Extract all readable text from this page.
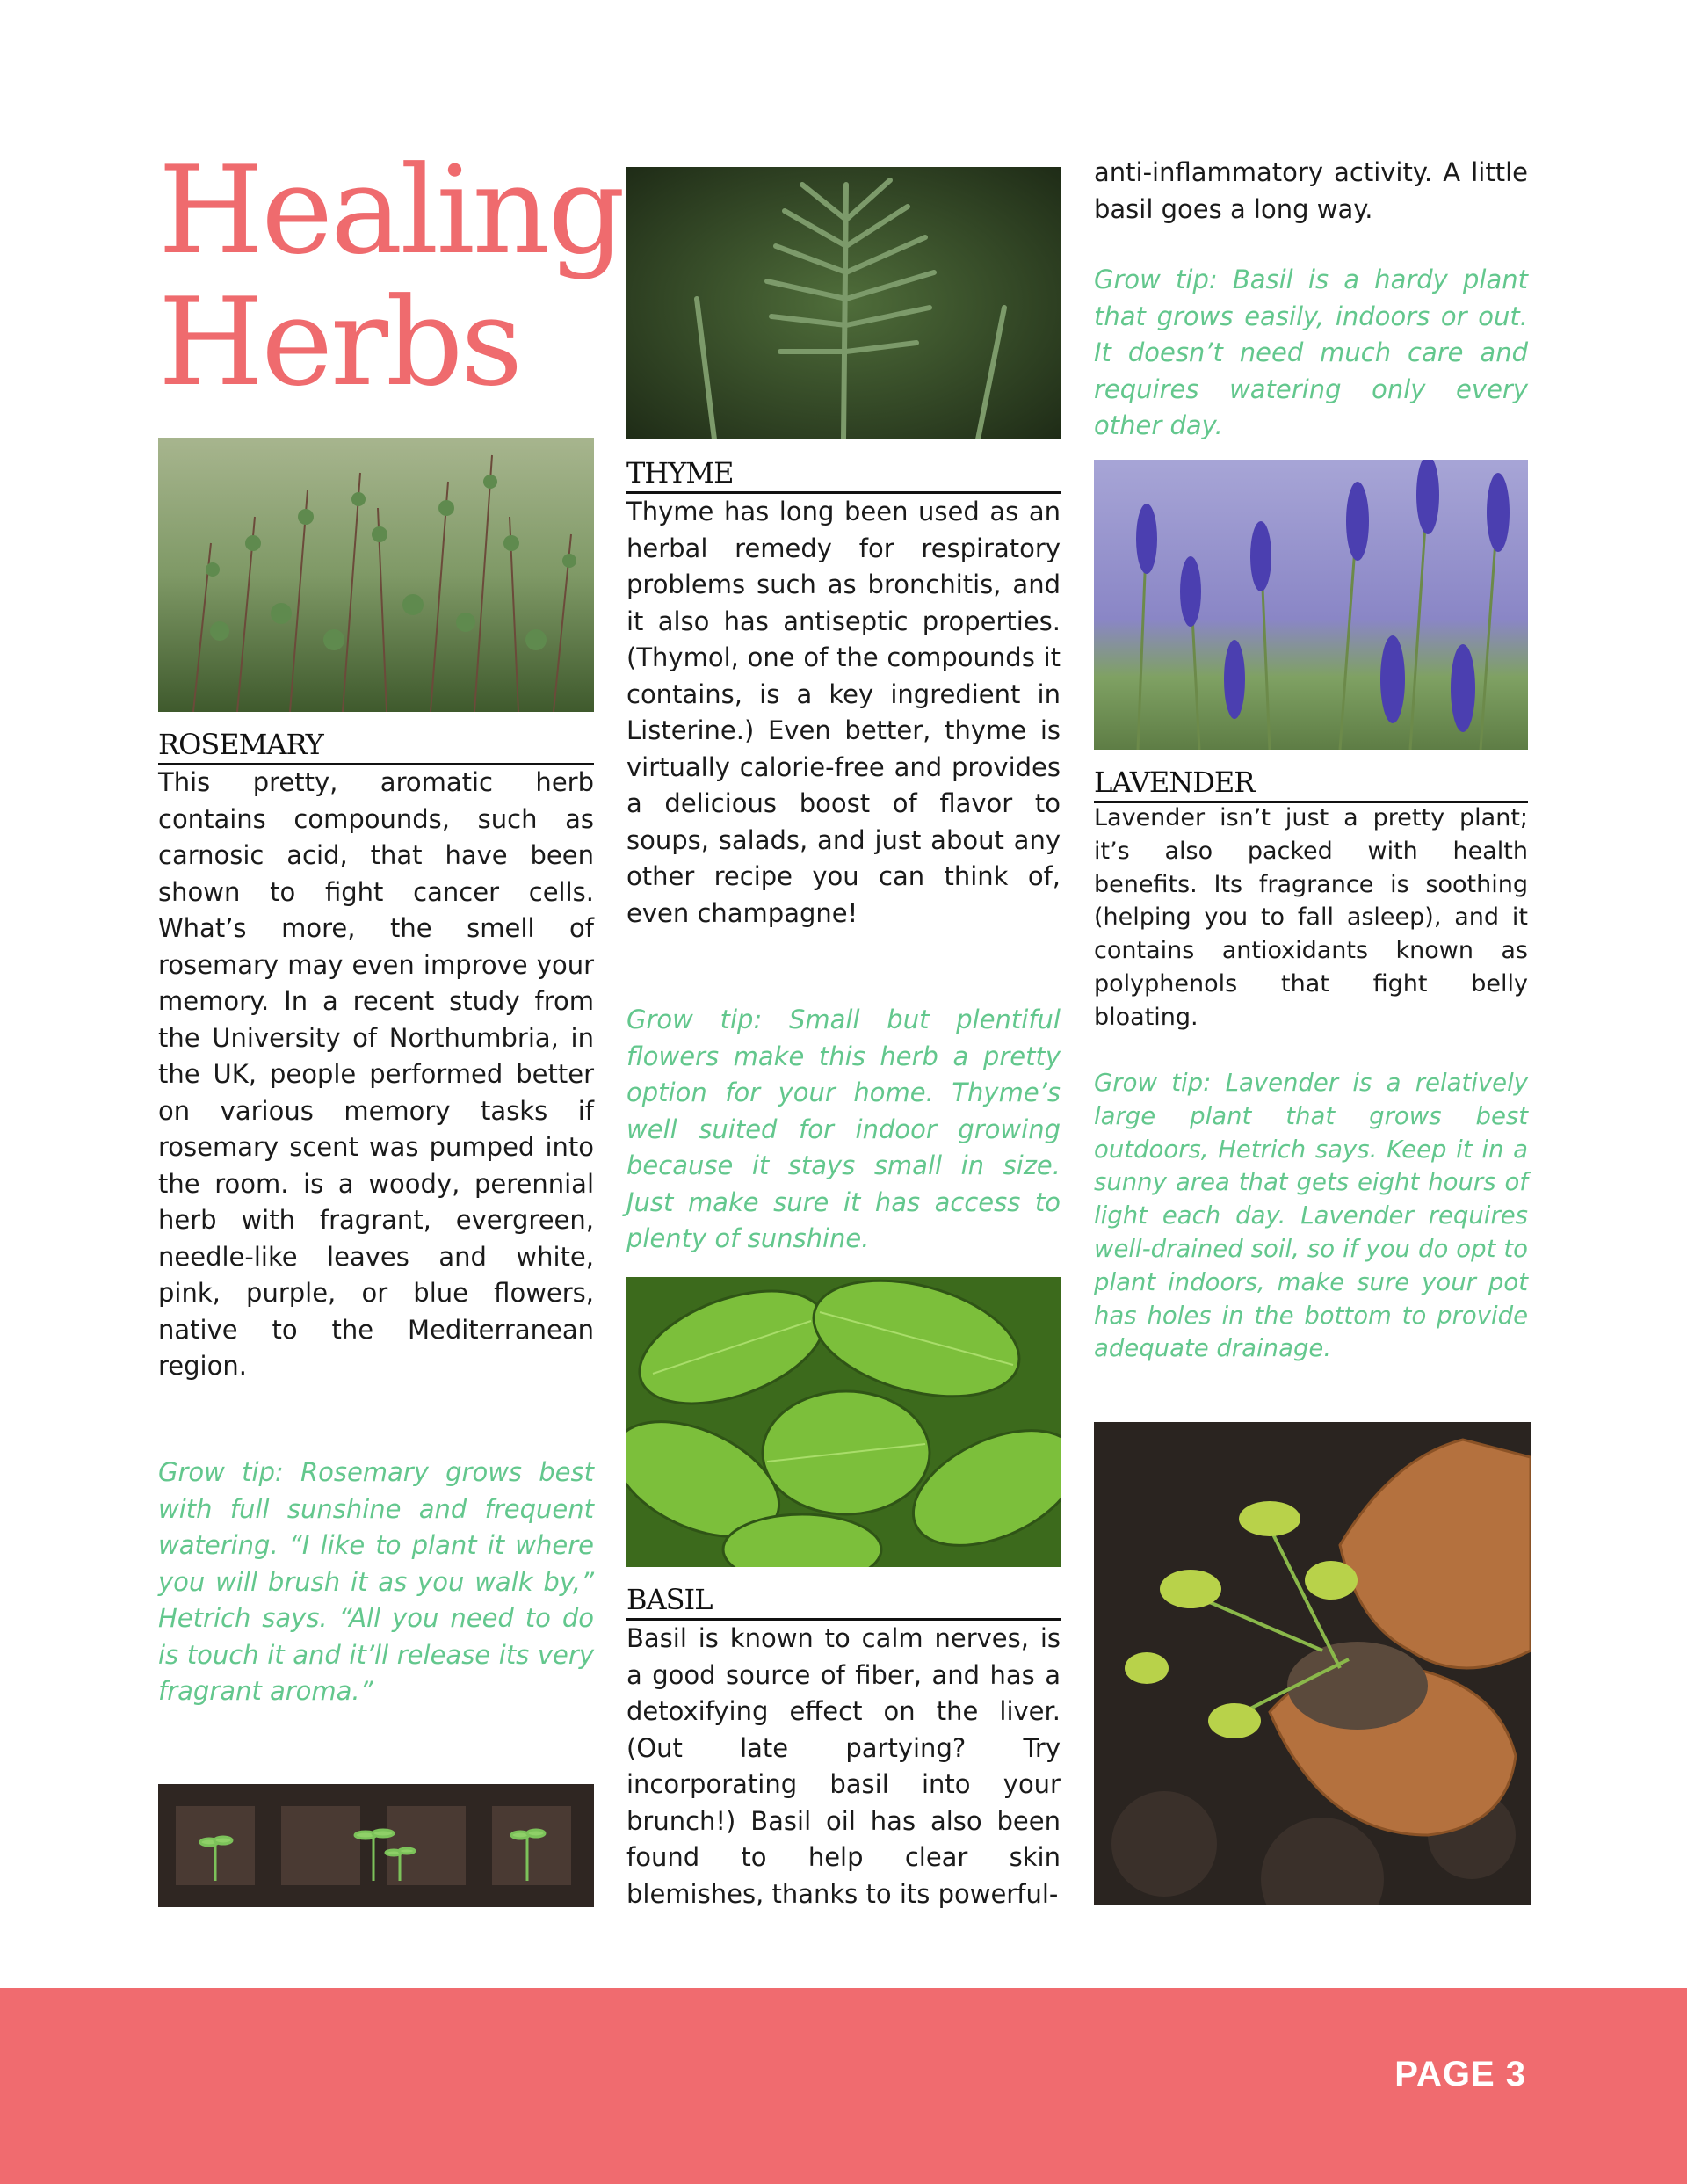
Healing
Herbs
ROSEMARY
This pretty, aromatic herb contains compounds, such as carnosic acid, that have been shown to fight cancer cells. What’s more, the smell of rosemary may even improve your memory. In a recent study from the University of Northumbria, in the UK, people performed better on various memory tasks if rosemary scent was pumped into the room. is a woody, perennial herb with fragrant, evergreen, needle-like leaves and white, pink, purple, or blue flowers, native to the Mediterranean region.
Grow tip: Rosemary grows best with full sunshine and frequent watering. “I like to plant it where you will brush it as you walk by,” Hetrich says. “All you need to do is touch it and it’ll release its very fragrant aroma.”
THYME
Thyme has long been used as an herbal remedy for respiratory problems such as bronchitis, and it also has antiseptic properties. (Thymol, one of the compounds it contains, is a key ingredient in Listerine.) Even better, thyme is virtually calorie-free and provides a delicious boost of flavor to soups, salads, and just about any other recipe you can think of, even champagne!
Grow tip: Small but plentiful flowers make this herb a pretty option for your home. Thyme’s well suited for indoor growing because it stays small in size. Just make sure it has access to plenty of sunshine.
BASIL
Basil is known to calm nerves, is a good source of fiber, and has a detoxifying effect on the liver. (Out late partying? Try incorporating basil into your brunch!) Basil oil has also been found to help clear skin blemishes, thanks to its powerful-
anti-inflammatory activity. A little basil goes a long way.
Grow tip: Basil is a hardy plant that grows easily, indoors or out. It doesn’t need much care and requires watering only every other day.
LAVENDER
Lavender isn’t just a pretty plant; it’s also packed with health benefits. Its fragrance is soothing (helping you to fall asleep), and it contains antioxidants known as polyphenols that fight belly bloating.
Grow tip: Lavender is a relatively large plant that grows best outdoors, Hetrich says. Keep it in a sunny area that gets eight hours of light each day. Lavender requires well-drained soil, so if you do opt to plant indoors, make sure your pot has holes in the bottom to provide adequate drainage.
PAGE 3
